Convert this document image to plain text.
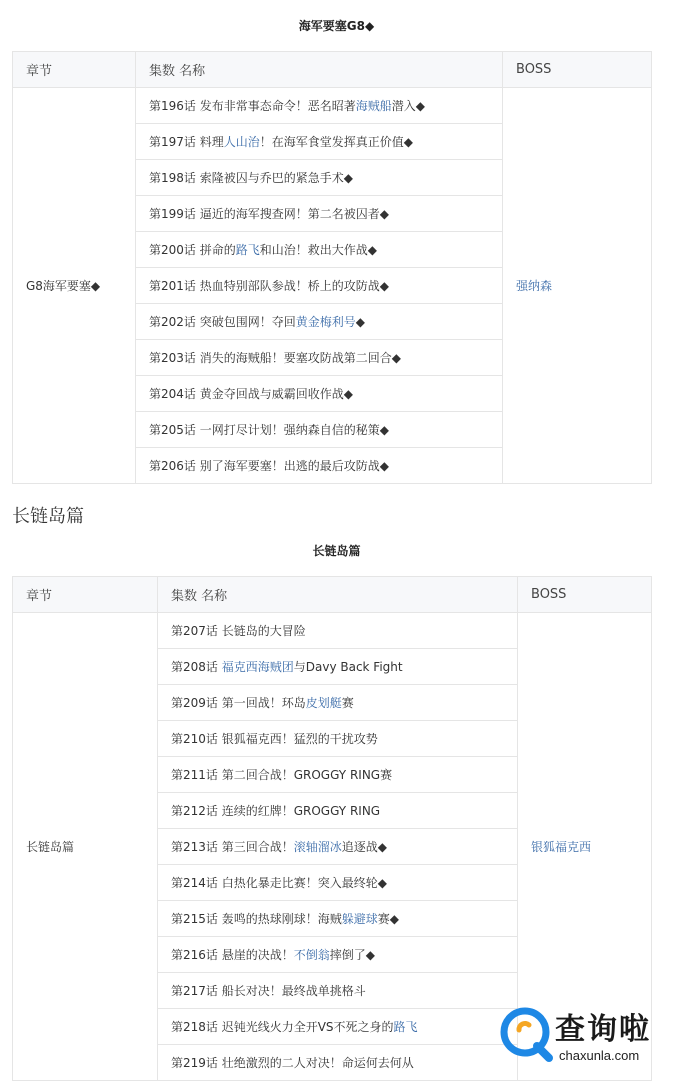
海军要塞G8◆
章节	集数 名称	BOSS
G8海军要塞◆	第196话 发布非常事态命令！恶名昭著海贼船潜入◆	强纳森
	第197话 料理人山治！在海军食堂发挥真正价值◆	
	第198话 索隆被囚与乔巴的紧急手术◆	
	第199话 逼近的海军搜查网！第二名被囚者◆	
	第200话 拼命的路飞和山治！救出大作战◆	
	第201话 热血特别部队参战！桥上的攻防战◆	
	第202话 突破包围网！夺回黄金梅利号◆	
	第203话 消失的海贼船！要塞攻防战第二回合◆	
	第204话 黄金夺回战与威霸回收作战◆	
	第205话 一网打尽计划！强纳森自信的秘策◆	
	第206话 别了海军要塞！出逃的最后攻防战◆	
长链岛篇
长链岛篇
章节	集数 名称	BOSS
长链岛篇	第207话 长链岛的大冒险	银狐福克西
	第208话 福克西海贼团与Davy Back Fight	
	第209话 第一回战！环岛皮划艇赛	
	第210话 银狐福克西！猛烈的干扰攻势	
	第211话 第二回合战！GROGGY RING赛	
	第212话 连续的红牌！GROGGY RING	
	第213话 第三回合战！滚轴溜冰追逐战◆	
	第214话 白热化暴走比赛！突入最终轮◆	
	第215话 轰鸣的热球刚球！海贼躲避球赛◆	
	第216话 悬崖的决战！不倒翁摔倒了◆	
	第217话 船长对决！最终战单挑格斗	
	第218话 迟钝光线火力全开VS不死之身的路飞	
	第219话 壮绝激烈的二人对决！命运何去何从	
查询啦
chaxunla.com
